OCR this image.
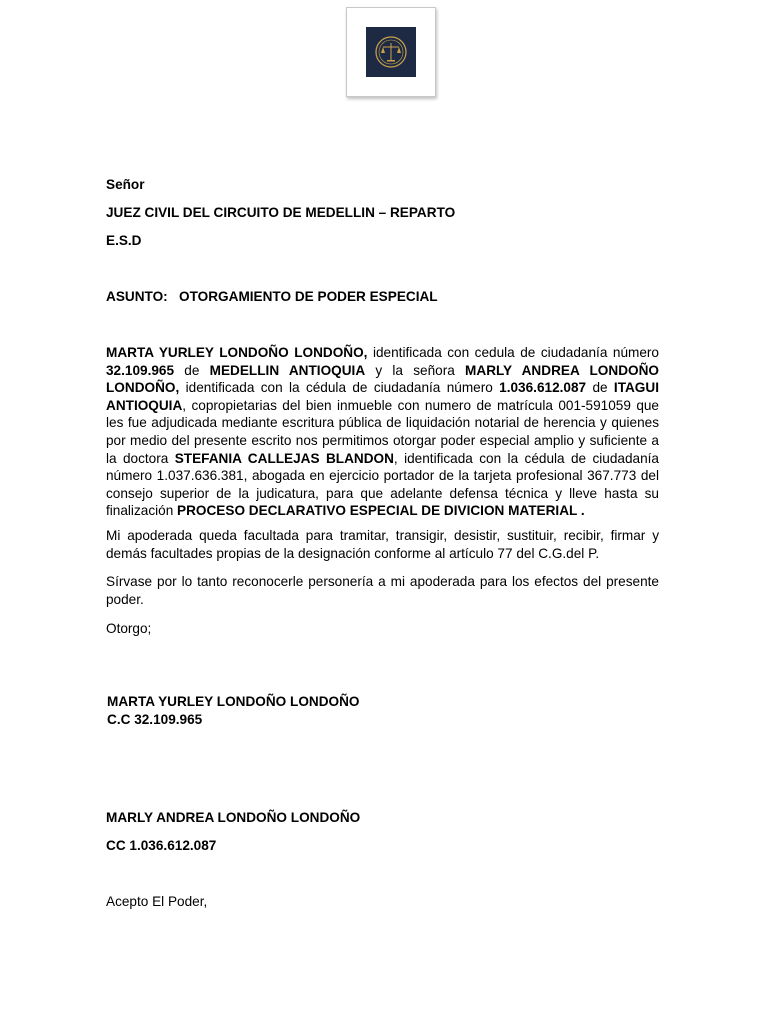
Señor
JUEZ CIVIL DEL CIRCUITO DE MEDELLIN – REPARTO
E.S.D
ASUNTO: OTORGAMIENTO DE PODER ESPECIAL
MARTA YURLEY LONDOÑO LONDOÑO, identificada con cedula de ciudadanía número 32.109.965 de MEDELLIN ANTIOQUIA y la señora MARLY ANDREA LONDOÑO LONDOÑO, identificada con la cédula de ciudadanía número 1.036.612.087 de ITAGUI ANTIOQUIA, copropietarias del bien inmueble con numero de matrícula 001-591059 que les fue adjudicada mediante escritura pública de liquidación notarial de herencia y quienes por medio del presente escrito nos permitimos otorgar poder especial amplio y suficiente a la doctora STEFANIA CALLEJAS BLANDON, identificada con la cédula de ciudadanía número 1.037.636.381, abogada en ejercicio portador de la tarjeta profesional 367.773 del consejo superior de la judicatura, para que adelante defensa técnica y lleve hasta su finalización PROCESO DECLARATIVO ESPECIAL DE DIVICION MATERIAL .
Mi apoderada queda facultada para tramitar, transigir, desistir, sustituir, recibir, firmar y demás facultades propias de la designación conforme al artículo 77 del C.G.del P.
Sírvase por lo tanto reconocerle personería a mi apoderada para los efectos del presente poder.
Otorgo;
MARTA YURLEY LONDOÑO LONDOÑO
C.C 32.109.965
MARLY ANDREA LONDOÑO LONDOÑO
CC 1.036.612.087
Acepto El Poder,
